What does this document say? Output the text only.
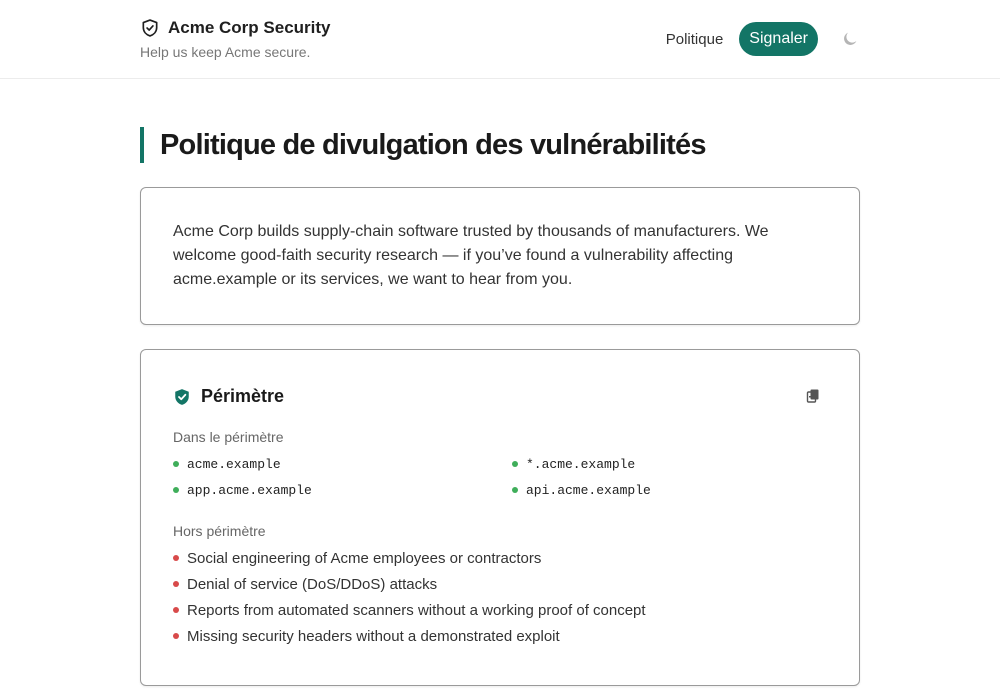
Acme Corp Security
Help us keep Acme secure.
Politique	Signaler
Politique de divulgation des vulnérabilités

Acme Corp builds supply-chain software trusted by thousands of manufacturers. We welcome good-faith security research — if you’ve found a vulnerability affecting acme.example or its services, we want to hear from you.

Périmètre
Dans le périmètre
acme.example	*.acme.example
app.acme.example	api.acme.example
Hors périmètre
Social engineering of Acme employees or contractors
Denial of service (DoS/DDoS) attacks
Reports from automated scanners without a working proof of concept
Missing security headers without a demonstrated exploit
